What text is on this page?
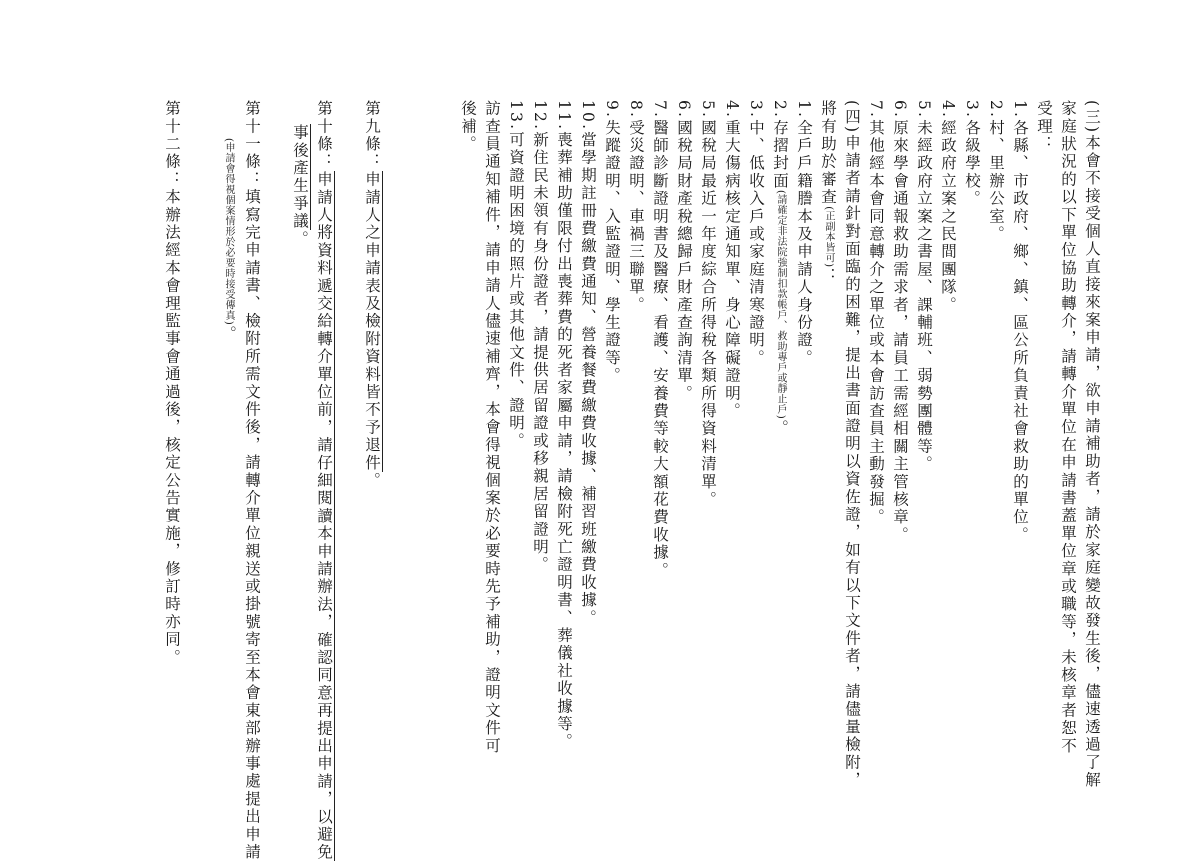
(三)本會不接受個人直接來案申請，欲申請補助者，請於家庭變故發生後，儘速透過了解
家庭狀況的以下單位協助轉介，請轉介單位在申請書蓋單位章或職等，未核章者恕不
受理：
1.各縣、市政府、鄉、鎮、區公所負責社會救助的單位。
2.村、里辦公室。
3.各級學校。
4.經政府立案之民間團隊。
5.未經政府立案之書屋、課輔班、弱勢團體等。
6.原來學會通報救助需求者，請員工需經相關主管核章。
7.其他經本會同意轉介之單位或本會訪查員主動發掘。
(四)申請者請針對面臨的困難，提出書面證明以資佐證，如有以下文件者，請儘量檢附，
將有助於審查(正副本皆可)：
1.全戶戶籍謄本及申請人身份證。
2.存摺封面(請確定非法院強制扣款帳戶、救助專戶或靜止戶)。
3.中、低收入戶或家庭清寒證明。
4.重大傷病核定通知單、身心障礙證明。
5.國稅局最近一年度綜合所得稅各類所得資料清單。
6.國稅局財產稅總歸戶財產查詢清單。
7.醫師診斷證明書及醫療、看護、安養費等較大額花費收據。
8.受災證明、車禍三聯單。
9.失蹤證明、入監證明、學生證等。
10.當學期註冊費繳費通知、營養餐費繳費收據、補習班繳費收據。
11.喪葬補助僅限付出喪葬費的死者家屬申請，請檢附死亡證明書、葬儀社收據等。
12.新住民未領有身份證者，請提供居留證或移親居留證明。
13.可資證明困境的照片或其他文件、證明。
訪查員通知補件，請申請人儘速補齊，本會得視個案於必要時先予補助，證明文件可
後補。
第九條：申請人之申請表及檢附資料皆不予退件。
第十條：申請人將資料遞交給轉介單位前，請仔細閱讀本申請辦法，確認同意再提出申請，以避免
事後產生爭議。
第十一條：填寫完申請書、檢附所需文件後，請轉介單位親送或掛號寄至本會東部辦事處提出申請
(申請會得視個案情形於必要時接受傳真)。
第十二條：本辦法經本會理監事會通過後，核定公告實施，修訂時亦同。
